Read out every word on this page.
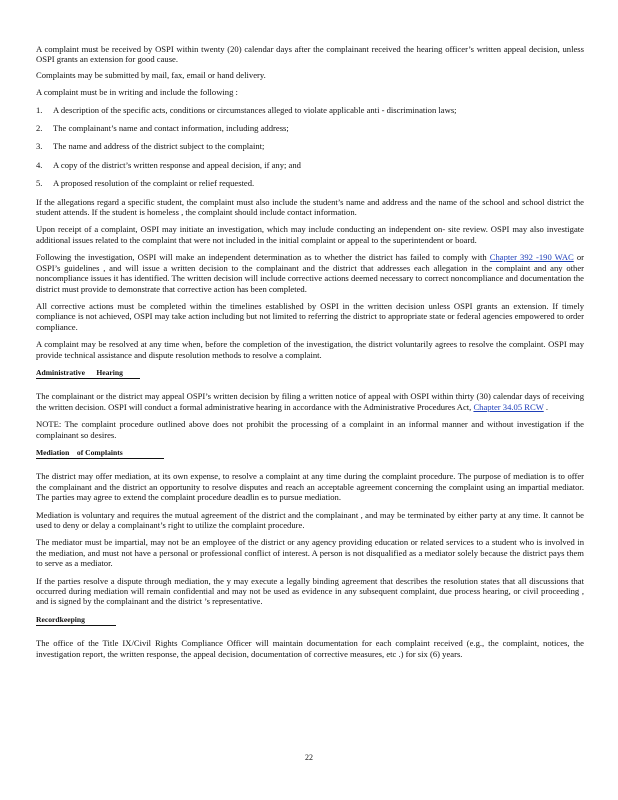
A complaint must be received by OSPI within twenty (20) calendar days after the complainant received the hearing officer’s written appeal decision, unless OSPI grants an extension for good cause.

Complaints may be submitted by mail, fax, email or hand delivery.

A complaint must be in writing and include the following :

1.	A description of the specific acts, conditions or circumstances alleged to violate applicable anti - discrimination laws;
2.	The complainant’s name and contact information, including address;
3.	The name and address of the district subject to the complaint;
4.	A copy of the district’s written response and appeal decision, if any; and
5.	A proposed resolution of the complaint or relief requested.

If the allegations regard a specific student, the complaint must also include the student’s name and address and the name of the school and school district the student attends. If the student is homeless , the complaint should include contact information.

Upon receipt of a complaint, OSPI may initiate an investigation, which may include conducting an independent on- site review. OSPI may also investigate additional issues related to the complaint that were not included in the initial complaint or appeal to the superintendent or board.

Following the investigation, OSPI will make an independent determination as to whether the district has failed to comply with Chapter 392 -190 WAC or OSPI’s guidelines , and will issue a written decision to the complainant and the district that addresses each allegation in the complaint and any other noncompliance issues it has identified. The written decision will include corrective actions deemed necessary to correct noncompliance and documentation the district must provide to demonstrate that corrective action has been completed.

All corrective actions must be completed within the timelines established by OSPI in the written decision unless OSPI grants an extension. If timely compliance is not achieved, OSPI may take action including but not limited to referring the district to appropriate state or federal agencies empowered to order compliance.

A complaint may be resolved at any time when, before the completion of the investigation, the district voluntarily agrees to resolve the complaint. OSPI may provide technical assistance and dispute resolution methods to resolve a complaint.

Administrative      Hearing

The complainant or the district may appeal OSPI’s written decision by filing a written notice of appeal with OSPI within thirty (30) calendar days of receiving the written decision. OSPI will conduct a formal administrative hearing in accordance with the Administrative Procedures Act, Chapter 34.05 RCW .

NOTE: The complaint procedure outlined above does not prohibit the processing of a complaint in an informal manner and without investigation if the complainant so desires.

Mediation    of Complaints

The district may offer mediation, at its own expense, to resolve a complaint at any time during the complaint procedure. The purpose of mediation is to offer the complainant and the district an opportunity to resolve disputes and reach an acceptable agreement concerning the complaint using an impartial mediator. The parties may agree to extend the complaint procedure deadlin es to pursue mediation.

Mediation is voluntary and requires the mutual agreement of the district and the complainant , and may be terminated by either party at any time. It cannot be used to deny or delay a complainant’s right to utilize the complaint procedure.

The mediator must be impartial, may not be an employee of the district or any agency providing education or related services to a student who is involved in the mediation, and must not have a personal or professional conflict of interest. A person is not disqualified as a mediator solely because the district pays them to serve as a mediator.

If the parties resolve a dispute through mediation, the y may execute a legally binding agreement that describes the resolution states that all discussions that occurred during mediation will remain confidential and may not be used as evidence in any subsequent complaint, due process hearing, or civil proceeding , and is signed by the complainant and the district ’s representative.

Recordkeeping

The office of the Title IX/Civil Rights Compliance Officer will maintain documentation for each complaint received (e.g., the complaint, notices, the investigation report, the written response, the appeal decision, documentation of corrective measures, etc .) for six (6) years.

22
